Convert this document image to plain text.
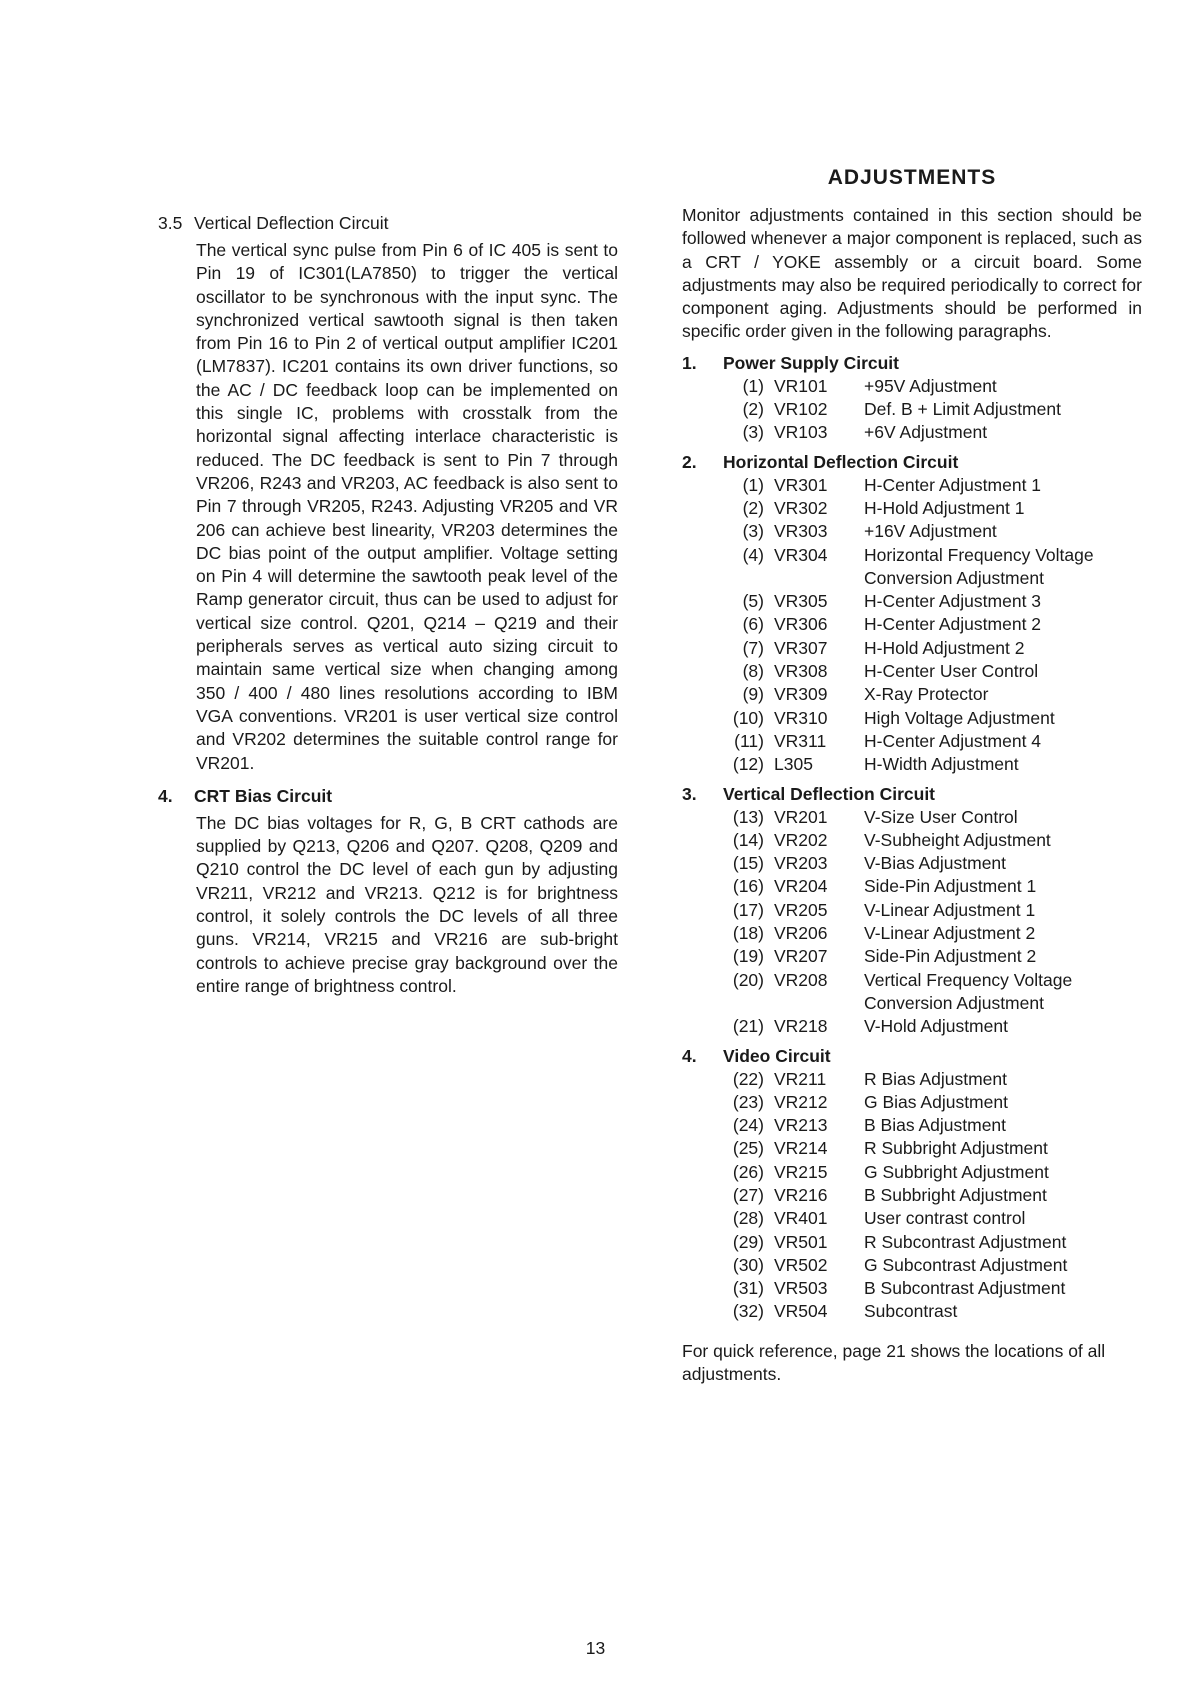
3.5 Vertical Deflection Circuit
The vertical sync pulse from Pin 6 of IC 405 is sent to Pin 19 of IC301(LA7850) to trigger the vertical oscillator to be synchronous with the input sync. The synchronized vertical sawtooth signal is then taken from Pin 16 to Pin 2 of vertical output amplifier IC201 (LM7837). IC201 contains its own driver functions, so the AC / DC feedback loop can be implemented on this single IC, problems with crosstalk from the horizontal signal affecting interlace characteristic is reduced. The DC feedback is sent to Pin 7 through VR206, R243 and VR203, AC feedback is also sent to Pin 7 through VR205, R243. Adjusting VR205 and VR 206 can achieve best linearity, VR203 determines the DC bias point of the output amplifier. Voltage setting on Pin 4 will determine the sawtooth peak level of the Ramp generator circuit, thus can be used to adjust for vertical size control. Q201, Q214 – Q219 and their peripherals serves as vertical auto sizing circuit to maintain same vertical size when changing among 350 / 400 / 480 lines resolutions according to IBM VGA conventions. VR201 is user vertical size control and VR202 determines the suitable control range for VR201.
4.	CRT Bias Circuit
The DC bias voltages for R, G, B CRT cathods are supplied by Q213, Q206 and Q207. Q208, Q209 and Q210 control the DC level of each gun by adjusting VR211, VR212 and VR213. Q212 is for brightness control, it solely controls the DC levels of all three guns. VR214, VR215 and VR216 are sub-bright controls to achieve precise gray background over the entire range of brightness control.
ADJUSTMENTS

Monitor adjustments contained in this section should be followed whenever a major component is replaced, such as a CRT / YOKE assembly or a circuit board. Some adjustments may also be required periodically to correct for component aging. Adjustments should be performed in specific order given in the following paragraphs.

1.	Power Supply Circuit
(1) VR101	+95V Adjustment
(2) VR102	Def. B + Limit Adjustment
(3) VR103	+6V Adjustment
2.	Horizontal Deflection Circuit
(1) VR301	H-Center Adjustment 1
(2) VR302	H-Hold Adjustment 1
(3) VR303	+16V Adjustment
(4) VR304	Horizontal Frequency Voltage Conversion Adjustment
(5) VR305	H-Center Adjustment 3
(6) VR306	H-Center Adjustment 2
(7) VR307	H-Hold Adjustment 2
(8) VR308	H-Center User Control
(9) VR309	X-Ray Protector
(10) VR310	High Voltage Adjustment
(11) VR311	H-Center Adjustment 4
(12) L305	H-Width Adjustment
3.	Vertical Deflection Circuit
(13) VR201	V-Size User Control
(14) VR202	V-Subheight Adjustment
(15) VR203	V-Bias Adjustment
(16) VR204	Side-Pin Adjustment 1
(17) VR205	V-Linear Adjustment 1
(18) VR206	V-Linear Adjustment 2
(19) VR207	Side-Pin Adjustment 2
(20) VR208	Vertical Frequency Voltage Conversion Adjustment
(21) VR218	V-Hold Adjustment
4.	Video Circuit
(22) VR211	R Bias Adjustment
(23) VR212	G Bias Adjustment
(24) VR213	B Bias Adjustment
(25) VR214	R Subbright Adjustment
(26) VR215	G Subbright Adjustment
(27) VR216	B Subbright Adjustment
(28) VR401	User contrast control
(29) VR501	R Subcontrast Adjustment
(30) VR502	G Subcontrast Adjustment
(31) VR503	B Subcontrast Adjustment
(32) VR504	Subcontrast

For quick reference, page 21 shows the locations of all adjustments.

13
